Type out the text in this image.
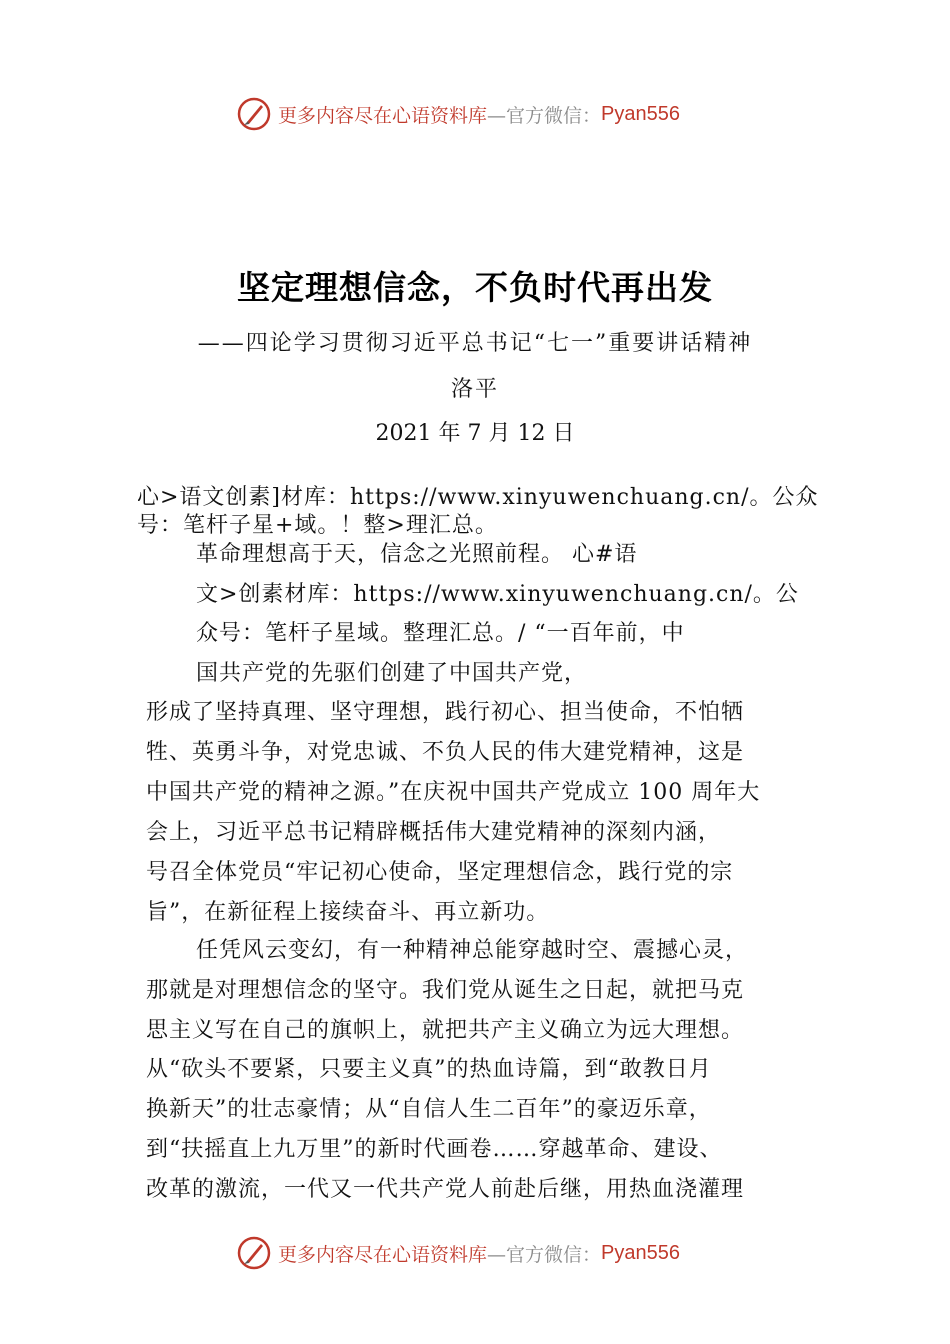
更多内容尽在心语资料库 —官方微信： Pyan556
坚定理想信念，不负时代再出发
——四论学习贯彻习近平总书记“七一”重要讲话精神
洛平
2021 年 7 月 12 日
心>语文创素]材库：https://www.xinyuwenchuang.cn/。公众
号：笔杆子星+域。！整>理汇总。
革命理想高于天，信念之光照前程。 心#语
文>创素材库：https://www.xinyuwenchuang.cn/。公
众号：笔杆子星域。整理汇总。/ “一百年前，中
国共产党的先驱们创建了中国共产党，
形成了坚持真理、坚守理想，践行初心、担当使命，不怕牺
牲、英勇斗争，对党忠诚、不负人民的伟大建党精神，这是
中国共产党的精神之源。”在庆祝中国共产党成立 100 周年大
会上，习近平总书记精辟概括伟大建党精神的深刻内涵，
号召全体党员“牢记初心使命，坚定理想信念，践行党的宗
旨”，在新征程上接续奋斗、再立新功。
任凭风云变幻，有一种精神总能穿越时空、震撼心灵，
那就是对理想信念的坚守。我们党从诞生之日起，就把马克
思主义写在自己的旗帜上，就把共产主义确立为远大理想。
从“砍头不要紧，只要主义真”的热血诗篇，到“敢教日月
换新天”的壮志豪情；从“自信人生二百年”的豪迈乐章，
到“扶摇直上九万里”的新时代画卷……穿越革命、建设、
改革的激流，一代又一代共产党人前赴后继，用热血浇灌理
更多内容尽在心语资料库 —官方微信： Pyan556
